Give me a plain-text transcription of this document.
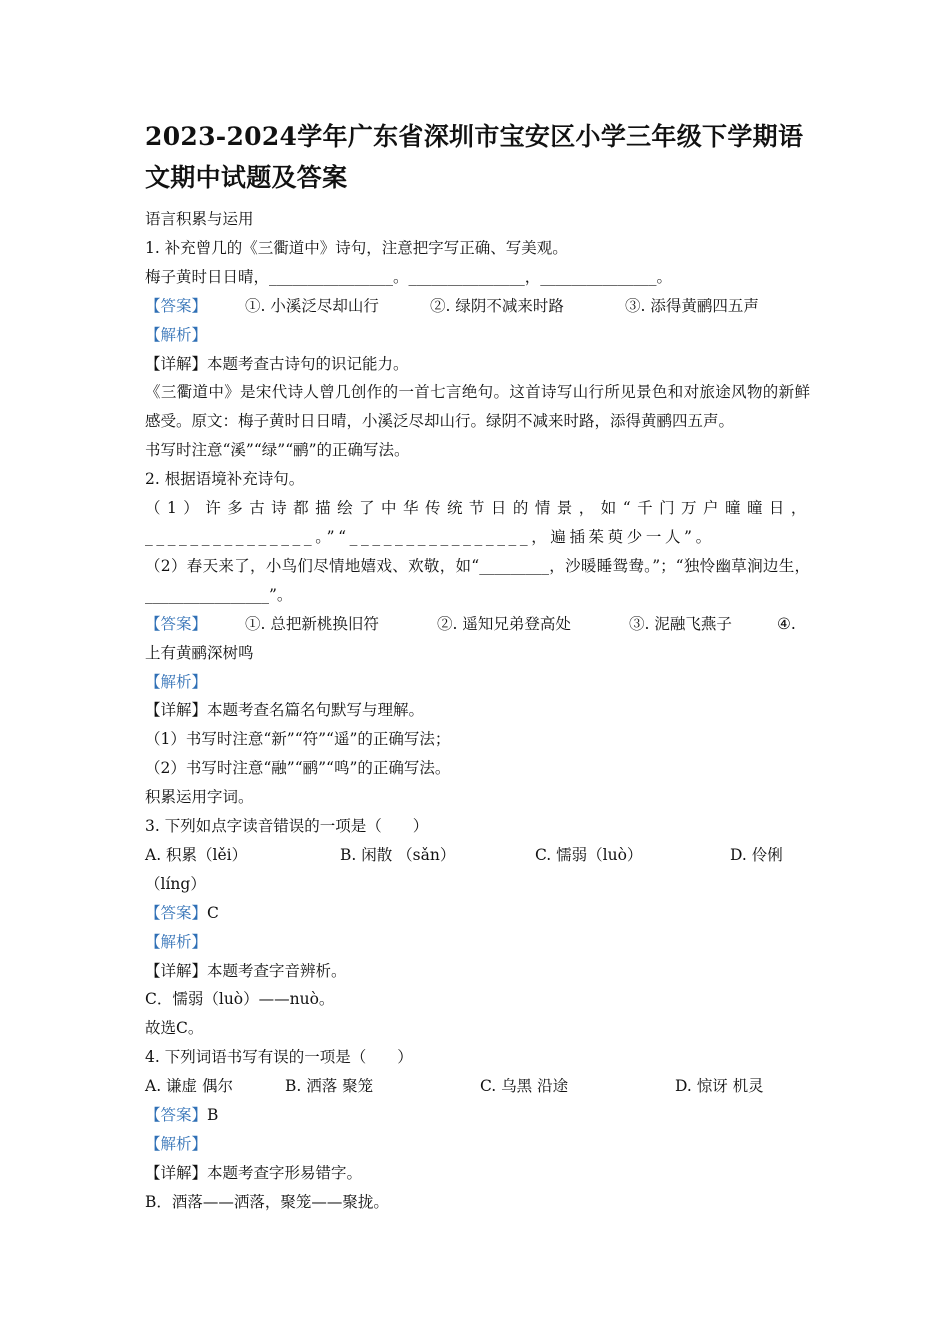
2023-2024学年广东省深圳市宝安区小学三年级下学期语文期中试题及答案
语言积累与运用
1. 补充曾几的《三衢道中》诗句，注意把字写正确、写美观。
梅子黄时日日晴，________________。_______________，_______________。
【答案】 ①. 小溪泛尽却山行	②. 绿阴不减来时路	③. 添得黄鹂四五声
【解析】
【详解】本题考查古诗句的识记能力。
《三衢道中》是宋代诗人曾几创作的一首七言绝句。这首诗写山行所见景色和对旅途风物的新鲜感受。原文：梅子黄时日日晴，小溪泛尽却山行。绿阴不减来时路，添得黄鹂四五声。
书写时注意“溪”“绿”“鹂”的正确写法。
2. 根据语境补充诗句。
（1）许多古诗都描绘了中华传统节日的情景，如“千门万户曈曈日，_______________。”“________________，遍插茱萸少一人”。
（2）春天来了，小鸟们尽情地嬉戏、欢敬，如“_________，沙暖睡鸳鸯。”；“独怜幽草涧边生，________________”。
【答案】 ①. 总把新桃换旧符	②. 遥知兄弟登高处	③. 泥融飞燕子	④.
上有黄鹂深树鸣
【解析】
【详解】本题考查名篇名句默写与理解。
（1）书写时注意“新”“符”“遥”的正确写法；
（2）书写时注意“融”“鹂”“鸣”的正确写法。
积累运用字词。
3. 下列如点字读音错误的一项是（　　）
A. 积累（lěi）	B. 闲散 （sǎn）	C. 懦弱（luò）	D. 伶俐
（líng）
【答案】C
【解析】
【详解】本题考查字音辨析。
C．懦弱（luò）——nuò。
故选C。
4. 下列词语书写有误的一项是（　　）
A. 谦虚 偶尔	B. 洒落 聚笼	C. 乌黑 沿途	D. 惊讶 机灵
【答案】B
【解析】
【详解】本题考查字形易错字。
B．酒落——洒落，聚笼——聚拢。
